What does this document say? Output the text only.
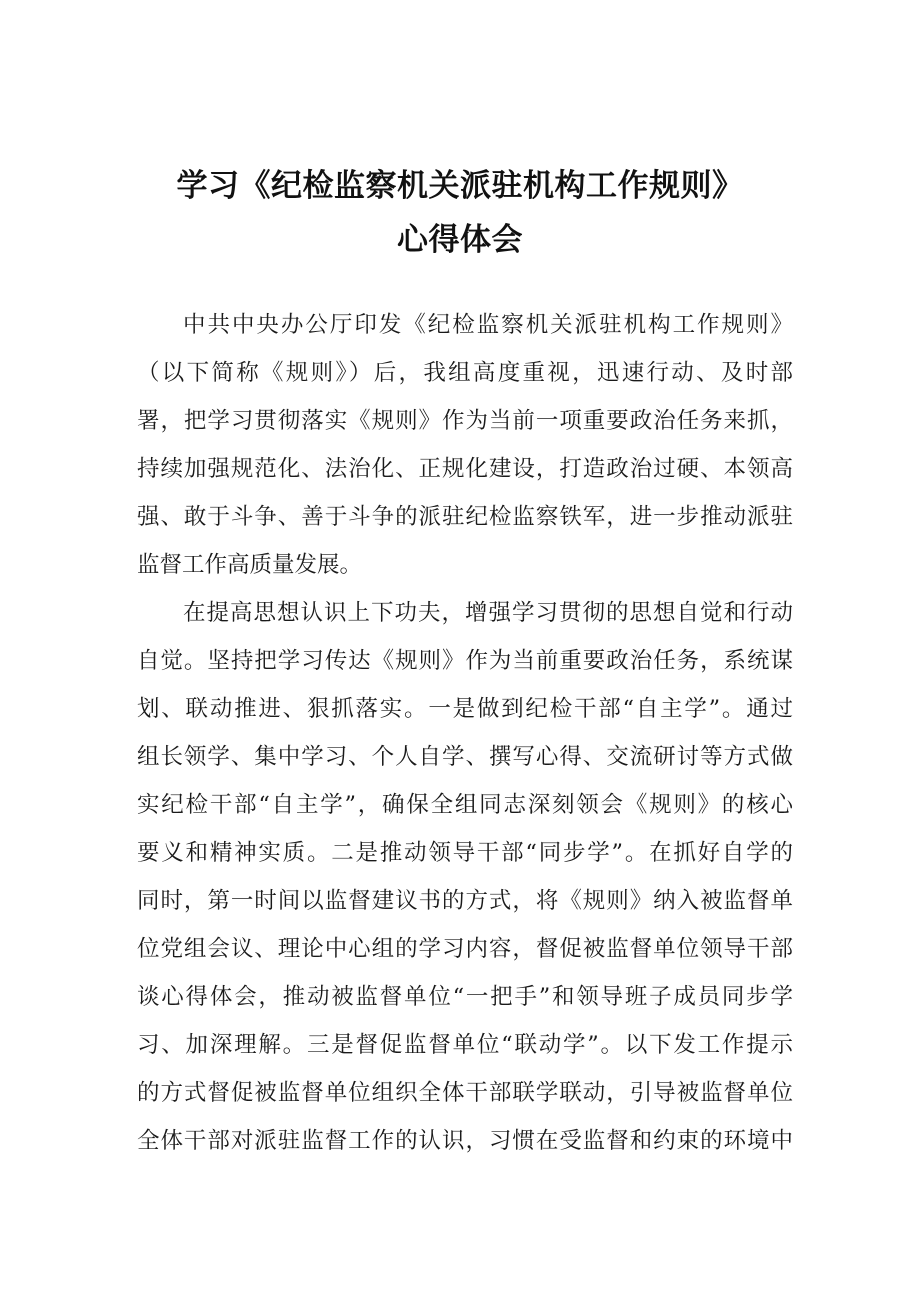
学习《纪检监察机关派驻机构工作规则》
心得体会
中共中央办公厅印发《纪检监察机关派驻机构工作规则》
（以下简称《规则》）后，我组高度重视，迅速行动、及时部
署，把学习贯彻落实《规则》作为当前一项重要政治任务来抓，
持续加强规范化、法治化、正规化建设，打造政治过硬、本领高
强、敢于斗争、善于斗争的派驻纪检监察铁军，进一步推动派驻
监督工作高质量发展。
在提高思想认识上下功夫，增强学习贯彻的思想自觉和行动
自觉。坚持把学习传达《规则》作为当前重要政治任务，系统谋
划、联动推进、狠抓落实。一是做到纪检干部“自主学”。通过
组长领学、集中学习、个人自学、撰写心得、交流研讨等方式做
实纪检干部“自主学”，确保全组同志深刻领会《规则》的核心
要义和精神实质。二是推动领导干部“同步学”。在抓好自学的
同时，第一时间以监督建议书的方式，将《规则》纳入被监督单
位党组会议、理论中心组的学习内容，督促被监督单位领导干部
谈心得体会，推动被监督单位“一把手”和领导班子成员同步学
习、加深理解。三是督促监督单位“联动学”。以下发工作提示
的方式督促被监督单位组织全体干部联学联动，引导被监督单位
全体干部对派驻监督工作的认识，习惯在受监督和约束的环境中
